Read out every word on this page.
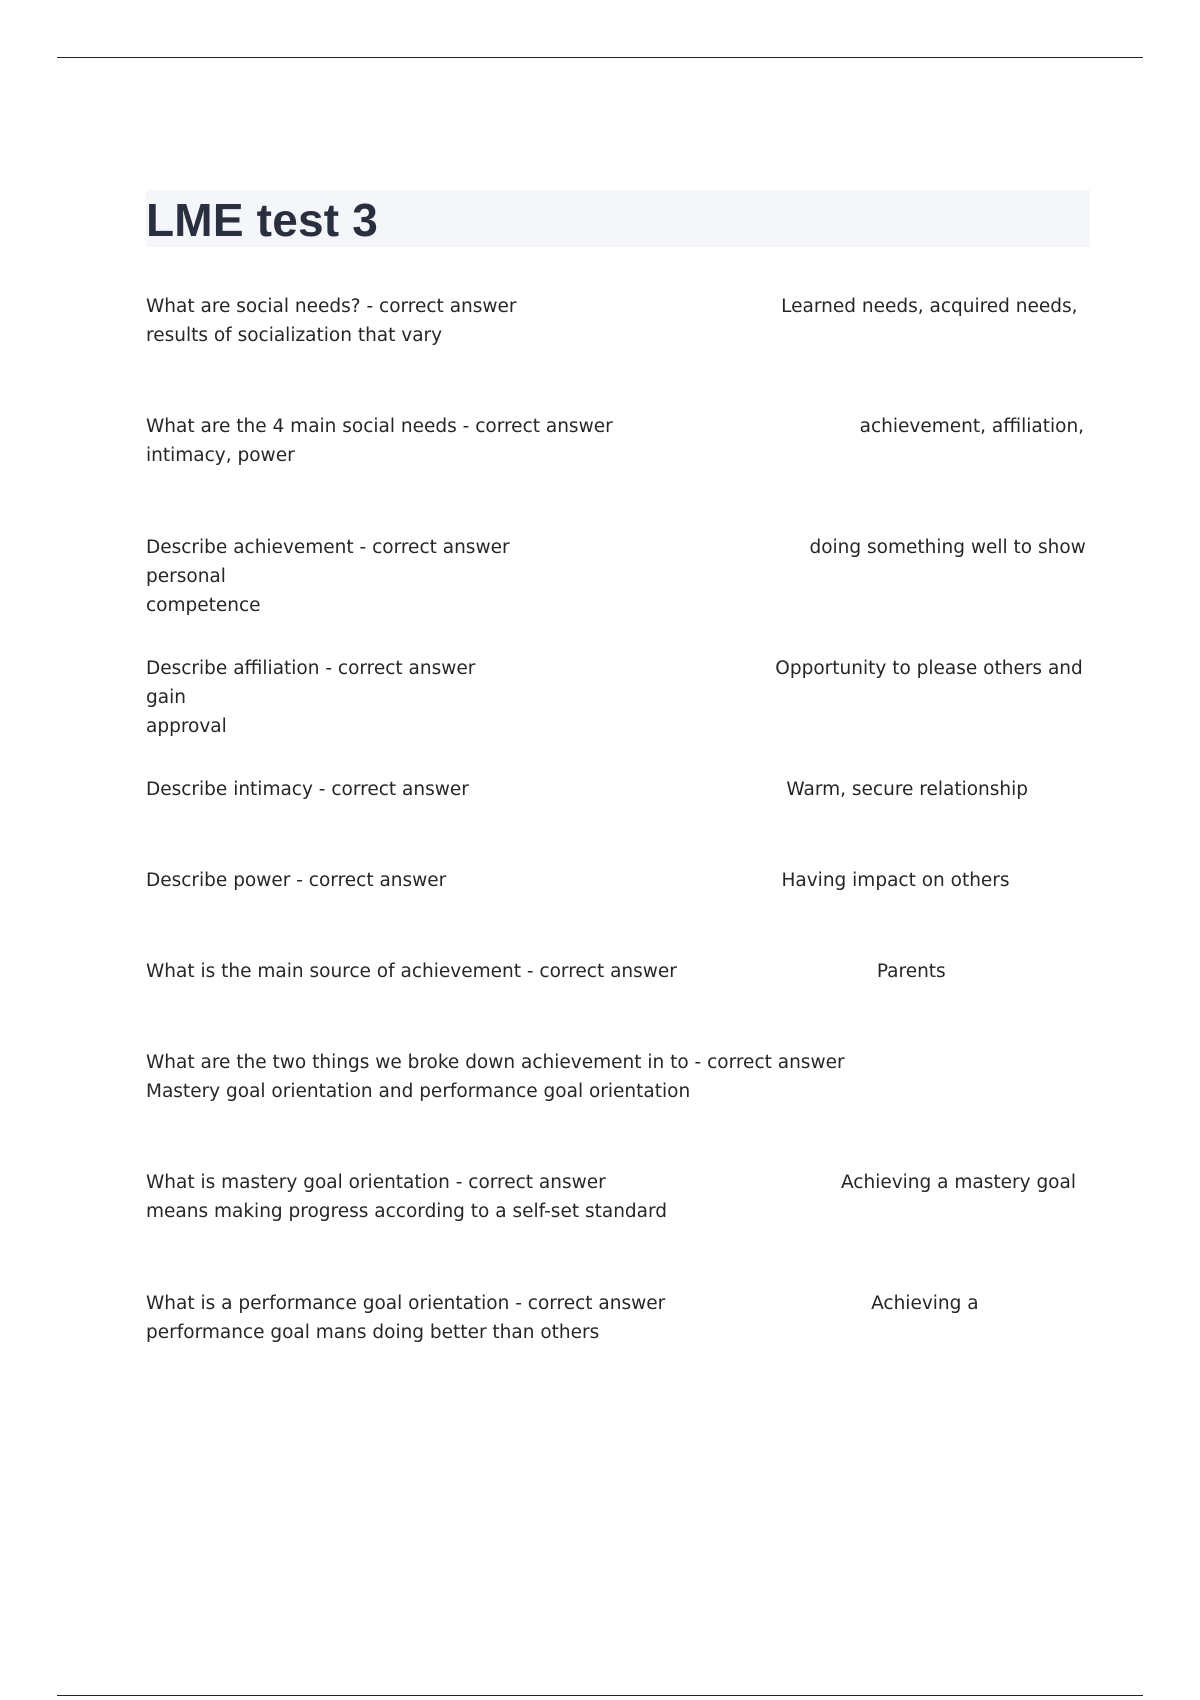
LME test 3
What are social needs? - correct answer                                             Learned needs, acquired needs,
results of socialization that vary
What are the 4 main social needs - correct answer                                          achievement, affiliation,
intimacy, power
Describe achievement - correct answer                                                   doing something well to show personal
competence
Describe affiliation - correct answer                                                   Opportunity to please others and gain
approval
Describe intimacy - correct answer                                                      Warm, secure relationship
Describe power - correct answer                                                         Having impact on others
What is the main source of achievement - correct answer                                  Parents
What are the two things we broke down achievement in to - correct answer
Mastery goal orientation and performance goal orientation
What is mastery goal orientation - correct answer                                        Achieving a mastery goal
means making progress according to a self-set standard
What is a performance goal orientation - correct answer                                   Achieving a
performance goal mans doing better than others
